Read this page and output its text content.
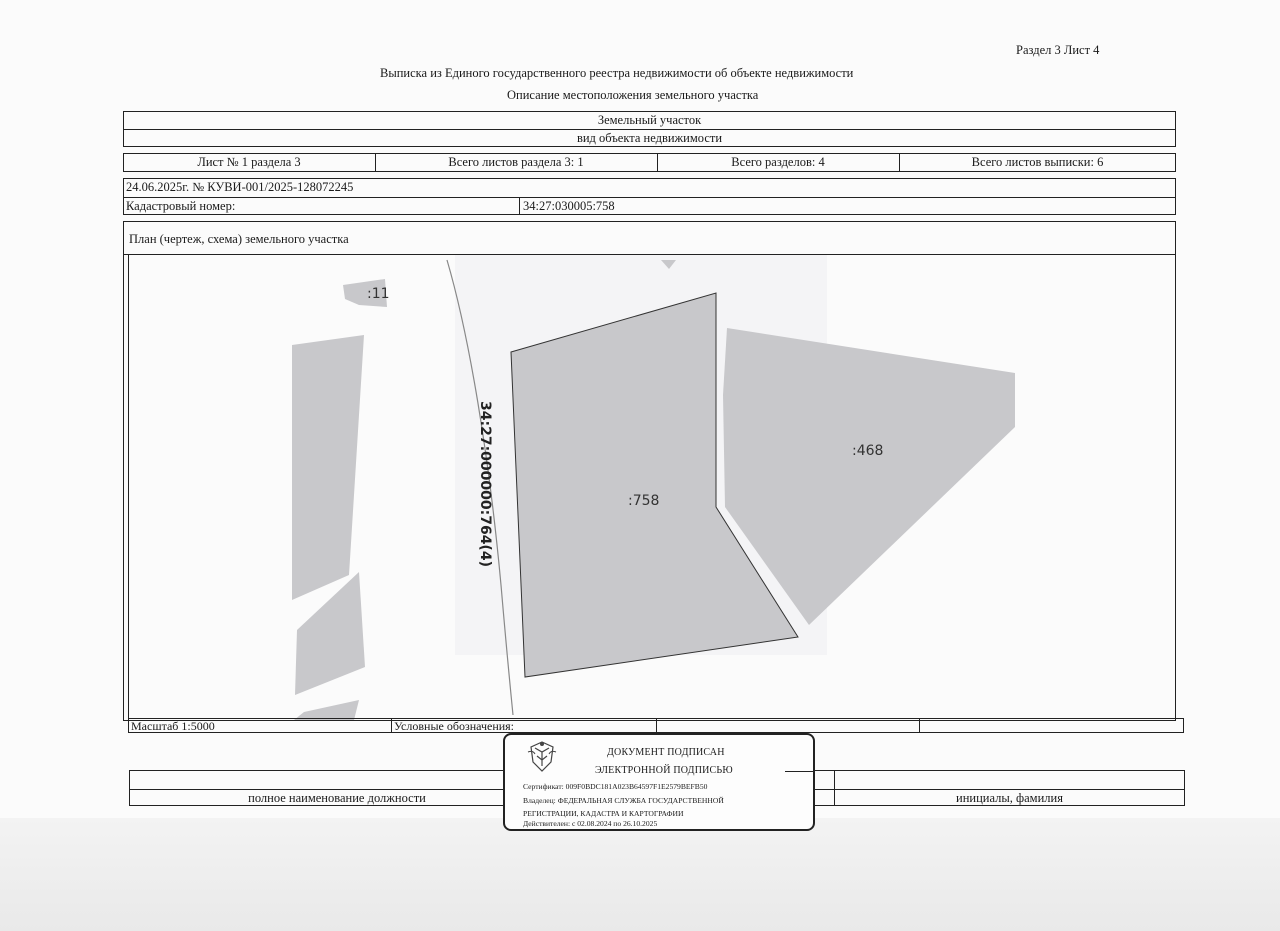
Раздел 3 Лист 4
Выписка из Единого государственного реестра недвижимости об объекте недвижимости
Описание местоположения земельного участка
Земельный участок
вид объекта недвижимости
Лист № 1 раздела 3	Всего листов раздела 3: 1	Всего разделов: 4	Всего листов выписки: 6
24.06.2025г. № КУВИ-001/2025-128072245
Кадастровый номер:	34:27:030005:758
План (чертеж, схема) земельного участка
:11
:758
:468
34:27:000000:764(4)
Масштаб 1:5000	Условные обозначения:
полное наименование должности	инициалы, фамилия
ДОКУМЕНТ ПОДПИСАН
ЭЛЕКТРОННОЙ ПОДПИСЬЮ
Сертификат: 009F0BDC181A023B64597F1E2579BEFB50
Владелец: ФЕДЕРАЛЬНАЯ СЛУЖБА ГОСУДАРСТВЕННОЙ
РЕГИСТРАЦИИ, КАДАСТРА И КАРТОГРАФИИ
Действителен: с 02.08.2024 по 26.10.2025
